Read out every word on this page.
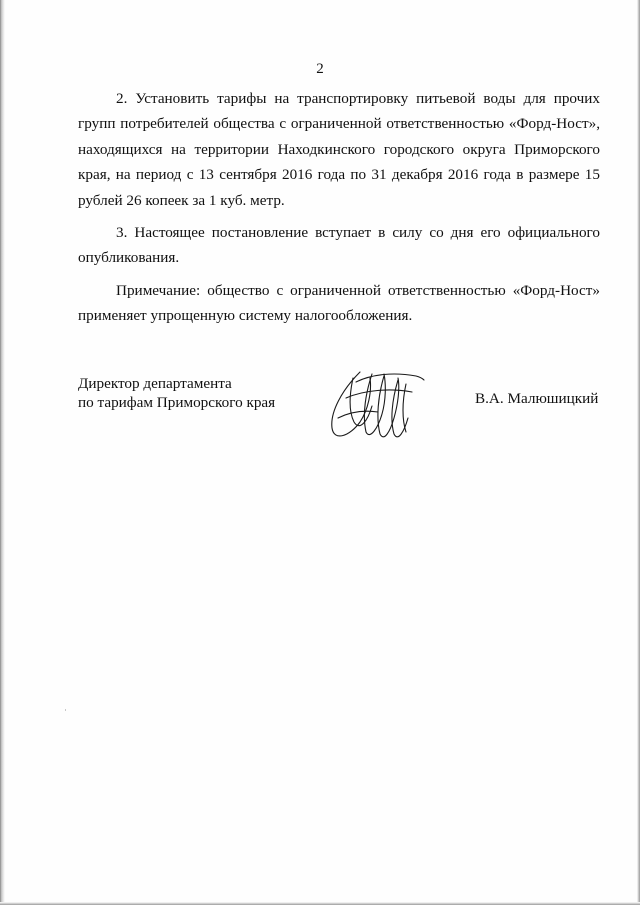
2

2. Установить тарифы на транспортировку питьевой воды для прочих групп потребителей общества с ограниченной ответственностью «Форд-Ност», находящихся на территории Находкинского городского округа Приморского края, на период с 13 сентября 2016 года по 31 декабря 2016 года в размере 15 рублей 26 копеек за 1 куб. метр.

3. Настоящее постановление вступает в силу со дня его официального опубликования.

Примечание: общество с ограниченной ответственностью «Форд-Ност» применяет упрощенную систему налогообложения.

Директор департамента
по тарифам Приморского края	В.А. Малюшицкий
